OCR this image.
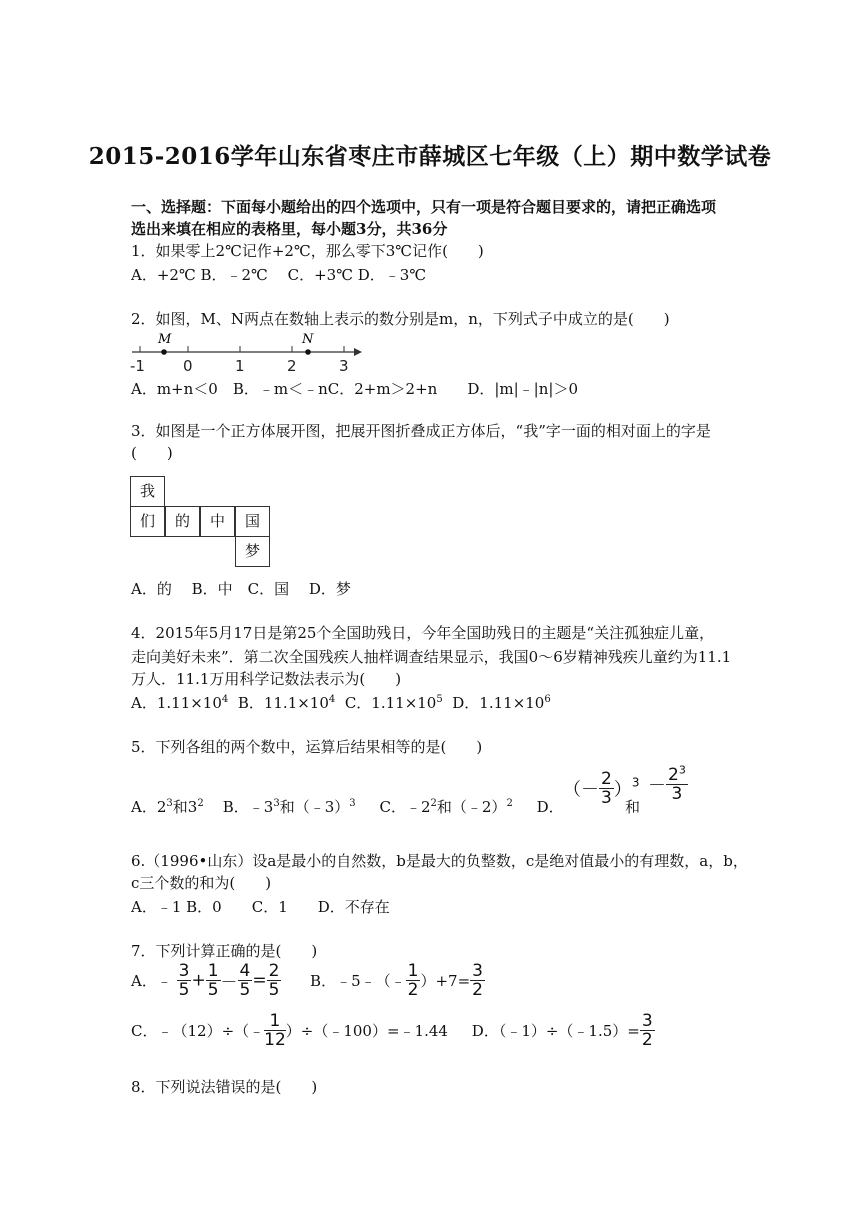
2015-2016学年山东省枣庄市薛城区七年级（上）期中数学试卷
一、选择题：下面每小题给出的四个选项中，只有一项是符合题目要求的，请把正确选项
选出来填在相应的表格里，每小题3分，共36分
1．如果零上2℃记作+2℃，那么零下3℃记作(　　)
A．+2℃ B．﹣2℃　 C．+3℃ D．﹣3℃
2．如图，M、N两点在数轴上表示的数分别是m，n，下列式子中成立的是(　　)
-1	0	1	2	3
M	N
A．m+n＜0　B．﹣m＜﹣nC．2+m＞2+n　　D．|m|﹣|n|＞0
3．如图是一个正方体展开图，把展开图折叠成正方体后，“我”字一面的相对面上的字是
(　　)
我
们	的	中	国
梦
A．的　 B．中　C．国　 D．梦
4．2015年5月17日是第25个全国助残日，今年全国助残日的主题是“关注孤独症儿童，
走向美好未来”．第二次全国残疾人抽样调查结果显示，我国0～6岁精神残疾儿童约为11.1
万人．11.1万用科学记数法表示为(　　)
A．$1.11\times 10^4$ B．$11.1\times 10^4$ C．$1.11\times 10^5$ D．$1.11\times 10^6$
5．下列各组的两个数中，运算后结果相等的是(　　)
A．$2^3$和$3^2$ B．$﹣3^3$和（﹣3）$^3$ C．$﹣2^2$和（﹣2）$^2$ D．
（－ $\frac{2}{3} )^3$
和
－ $\frac{2^3}{3}$
6.（1996•山东）设a是最小的自然数，b是最大的负整数，c是绝对值最小的有理数，a，b，
c三个数的和为(　　)
A．﹣1 B．0　　C．1　　D．不存在
7．下列计算正确的是(　　)
A．﹣ $\frac{3}{5} + \frac{1}{5} - \frac{4}{5} = \frac{2}{5}$ B．﹣5﹣（﹣ $\frac{1}{2} )+7= \frac{3}{2}$
C．﹣（12）÷（﹣ $\frac{1}{12}$ ）÷（﹣100）=﹣1.44 D．（﹣1）÷（﹣1.5）= $\frac{3}{2}$
8．下列说法错误的是(　　)
